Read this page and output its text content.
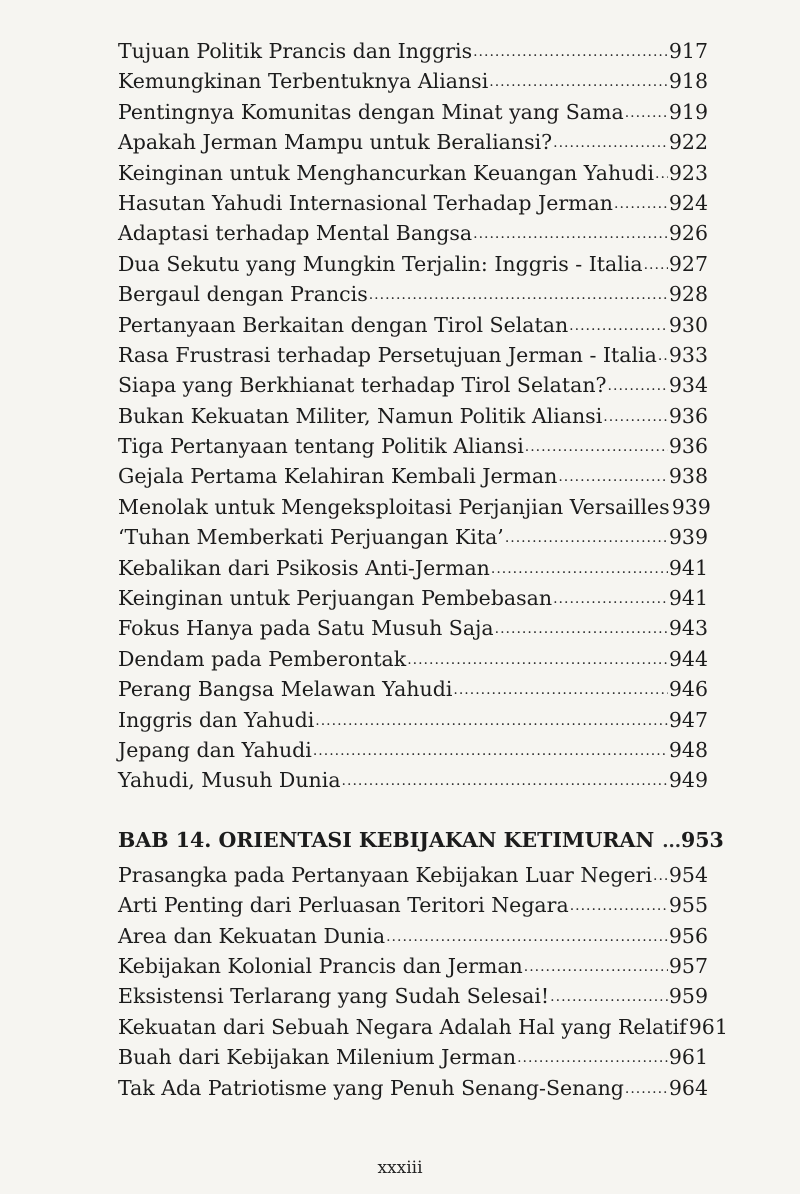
Tujuan Politik Prancis dan Inggris .....	917
Kemungkinan Terbentuknya Aliansi .....	918
Pentingnya Komunitas dengan Minat yang Sama ..... 919
Apakah Jerman Mampu untuk Beraliansi? .....	922
Keinginan untuk Menghancurkan Keuangan Yahudi ..... 923
Hasutan Yahudi Internasional Terhadap Jerman .....	924
Adaptasi terhadap Mental Bangsa .....	926
Dua Sekutu yang Mungkin Terjalin: Inggris - Italia ..... 927
Bergaul dengan Prancis .....	928
Pertanyaan Berkaitan dengan Tirol Selatan .....	930
Rasa Frustrasi terhadap Persetujuan Jerman - Italia ..... 933
Siapa yang Berkhianat terhadap Tirol Selatan? .....	934
Bukan Kekuatan Militer, Namun Politik Aliansi .....	936
Tiga Pertanyaan tentang Politik Aliansi .....	936
Gejala Pertama Kelahiran Kembali Jerman .....	938
Menolak untuk Mengeksploitasi Perjanjian Versailles 939
‘Tuhan Memberkati Perjuangan Kita’ .....	939
Kebalikan dari Psikosis Anti-Jerman .....	941
Keinginan untuk Perjuangan Pembebasan .....	941
Fokus Hanya pada Satu Musuh Saja .....	943
Dendam pada Pemberontak .....	944
Perang Bangsa Melawan Yahudi .....	946
Inggris dan Yahudi .....	947
Jepang dan Yahudi .....	948
Yahudi, Musuh Dunia .....	949
BAB 14. ORIENTASI KEBIJAKAN KETIMURAN ... 953
Prasangka pada Pertanyaan Kebijakan Luar Negeri ..... 954
Arti Penting dari Perluasan Teritori Negara .....	955
Area dan Kekuatan Dunia .....	956
Kebijakan Kolonial Prancis dan Jerman .....	957
Eksistensi Terlarang yang Sudah Selesai! .....	959
Kekuatan dari Sebuah Negara Adalah Hal yang Relatif 961
Buah dari Kebijakan Milenium Jerman .....	961
Tak Ada Patriotisme yang Penuh Senang-Senang ..... 964
xxxiii
